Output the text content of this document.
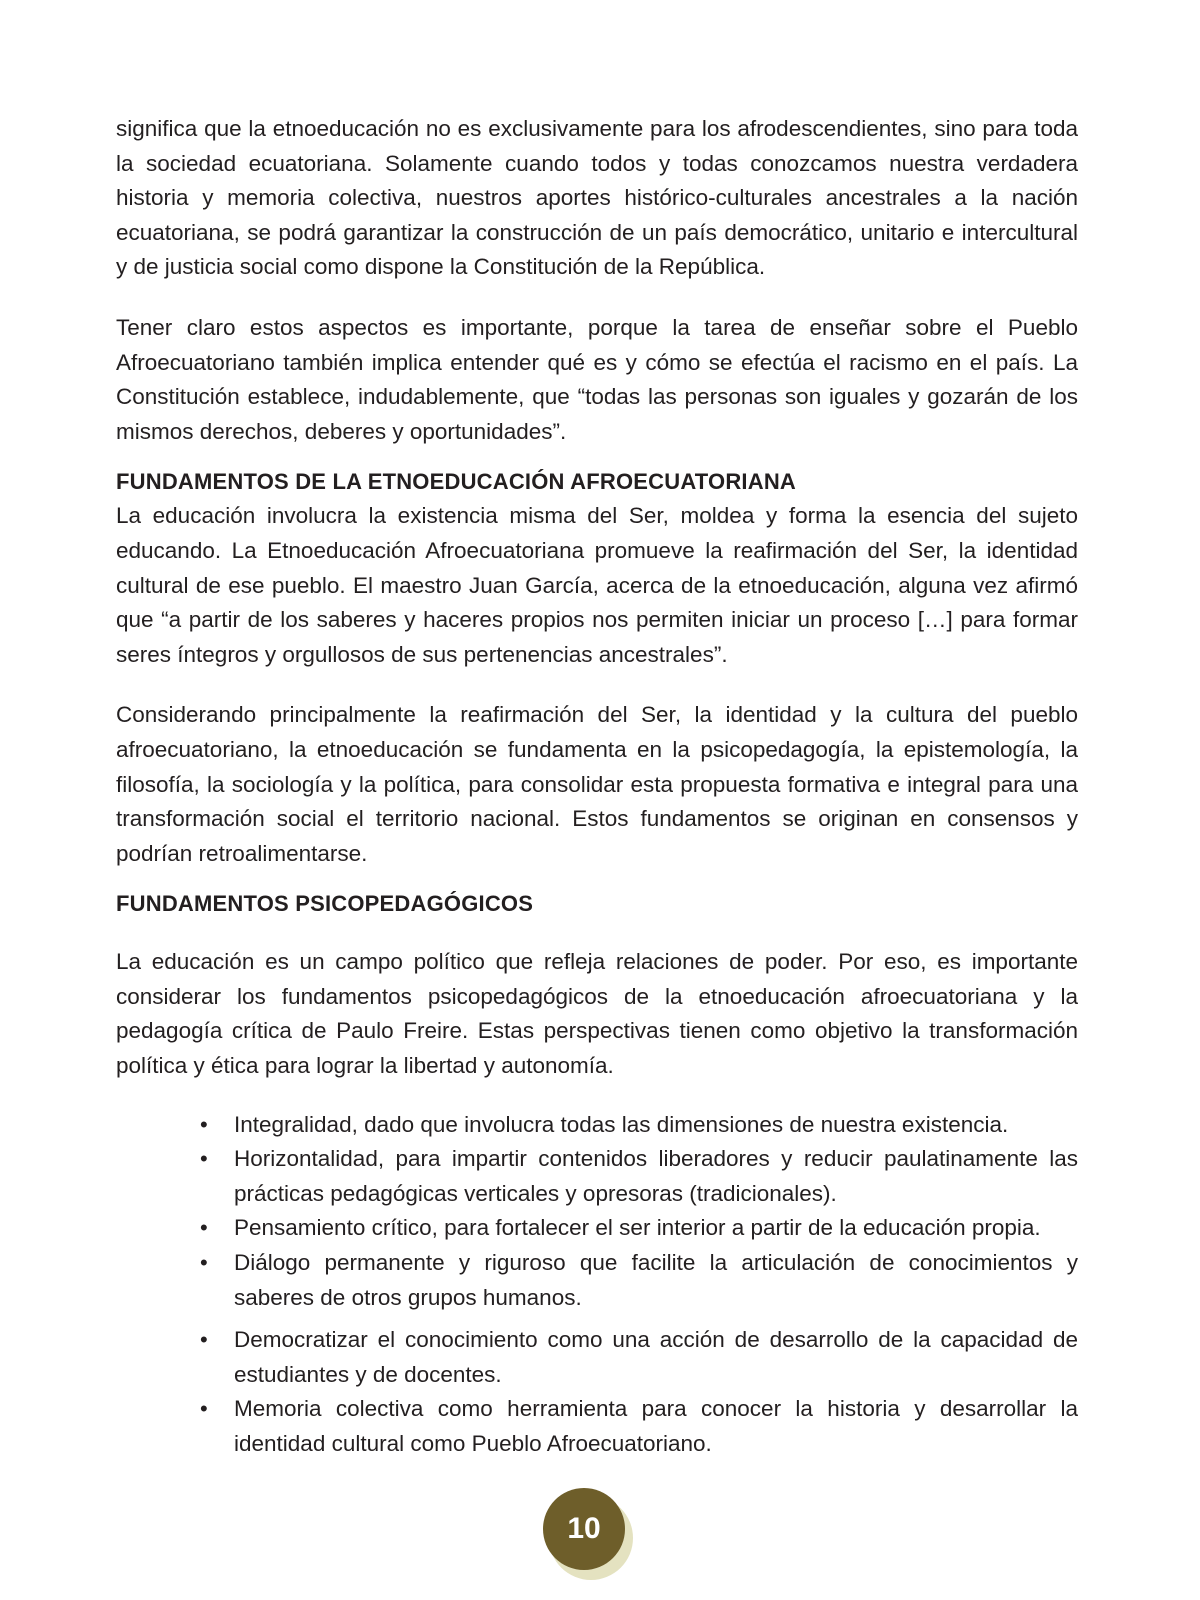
significa que la etnoeducación no es exclusivamente para los afrodescendientes, sino para toda la sociedad ecuatoriana. Solamente cuando todos y todas conozcamos nuestra verdadera historia y memoria colectiva, nuestros aportes histórico-culturales ancestrales a la nación ecuatoriana, se podrá garantizar la construcción de un país democrático, unitario e intercultural y de justicia social como dispone la Constitución de la República.

Tener claro estos aspectos es importante, porque la tarea de enseñar sobre el Pueblo Afroecuatoriano también implica entender qué es y cómo se efectúa el racismo en el país. La Constitución establece, indudablemente, que “todas las personas son iguales y gozarán de los mismos derechos, deberes y oportunidades”.

FUNDAMENTOS DE LA ETNOEDUCACIÓN AFROECUATORIANA

La educación involucra la existencia misma del Ser, moldea y forma la esencia del sujeto educando. La Etnoeducación Afroecuatoriana promueve la reafirmación del Ser, la identidad cultural de ese pueblo. El maestro Juan García, acerca de la etnoeducación, alguna vez afirmó que “a partir de los saberes y haceres propios nos permiten iniciar un proceso […] para formar seres íntegros y orgullosos de sus pertenencias ancestrales”.

Considerando principalmente la reafirmación del Ser, la identidad y la cultura del pueblo afroecuatoriano, la etnoeducación se fundamenta en la psicopedagogía, la epistemología, la filosofía, la sociología y la política, para consolidar esta propuesta formativa e integral para una transformación social el territorio nacional. Estos fundamentos se originan en consensos y podrían retroalimentarse.

FUNDAMENTOS PSICOPEDAGÓGICOS

La educación es un campo político que refleja relaciones de poder. Por eso, es importante considerar los fundamentos psicopedagógicos de la etnoeducación afroecuatoriana y la pedagogía crítica de Paulo Freire. Estas perspectivas tienen como objetivo la transformación política y ética para lograr la libertad y autonomía.

• Integralidad, dado que involucra todas las dimensiones de nuestra existencia.
• Horizontalidad, para impartir contenidos liberadores y reducir paulatinamente las prácticas pedagógicas verticales y opresoras (tradicionales).
• Pensamiento crítico, para fortalecer el ser interior a partir de la educación propia.
• Diálogo permanente y riguroso que facilite la articulación de conocimientos y saberes de otros grupos humanos.
• Democratizar el conocimiento como una acción de desarrollo de la capacidad de estudiantes y de docentes.
• Memoria colectiva como herramienta para conocer la historia y desarrollar la identidad cultural como Pueblo Afroecuatoriano.
10
